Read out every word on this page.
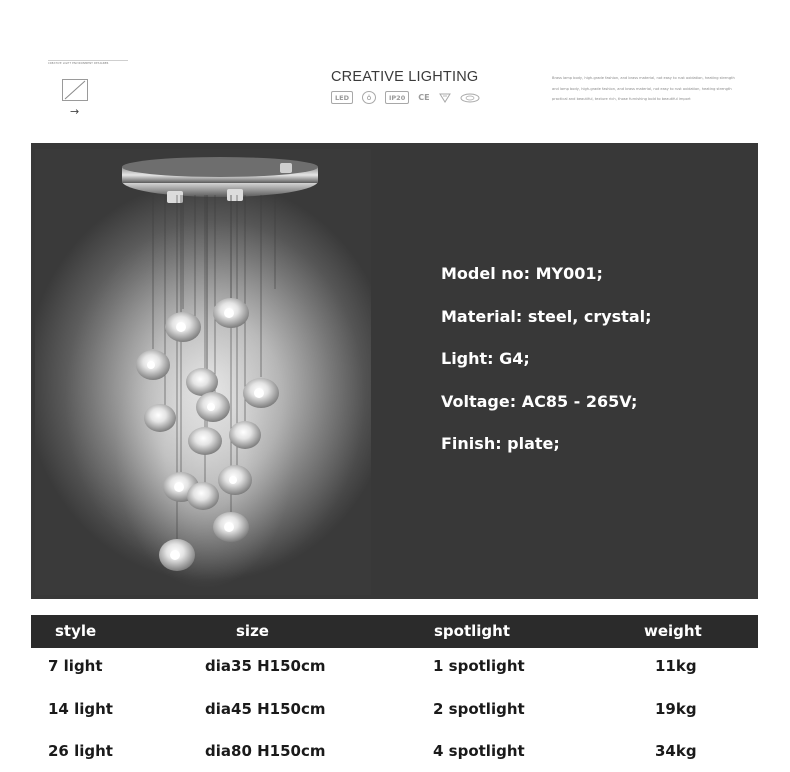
CREATIVE LIGHT ENVIRONMENT DESIGNER
→
CREATIVE LIGHTING
LED	IP20	CE
Brass lamp body, high-grade fashion, and brass material, not easy to rust oxidation, heating strength
and lamp body, high-grade fashion, and brass material, not easy to rust oxidation, heating strength
practical and beautiful, texture rich, those furnishing bold to beautiful import
Model no: MY001;
Material: steel, crystal;
Light: G4;
Voltage: AC85 - 265V;
Finish: plate;
style	size	spotlight	weight
7 light	dia35 H150cm	1 spotlight	11kg
14 light	dia45 H150cm	2 spotlight	19kg
26 light	dia80 H150cm	4 spotlight	34kg
